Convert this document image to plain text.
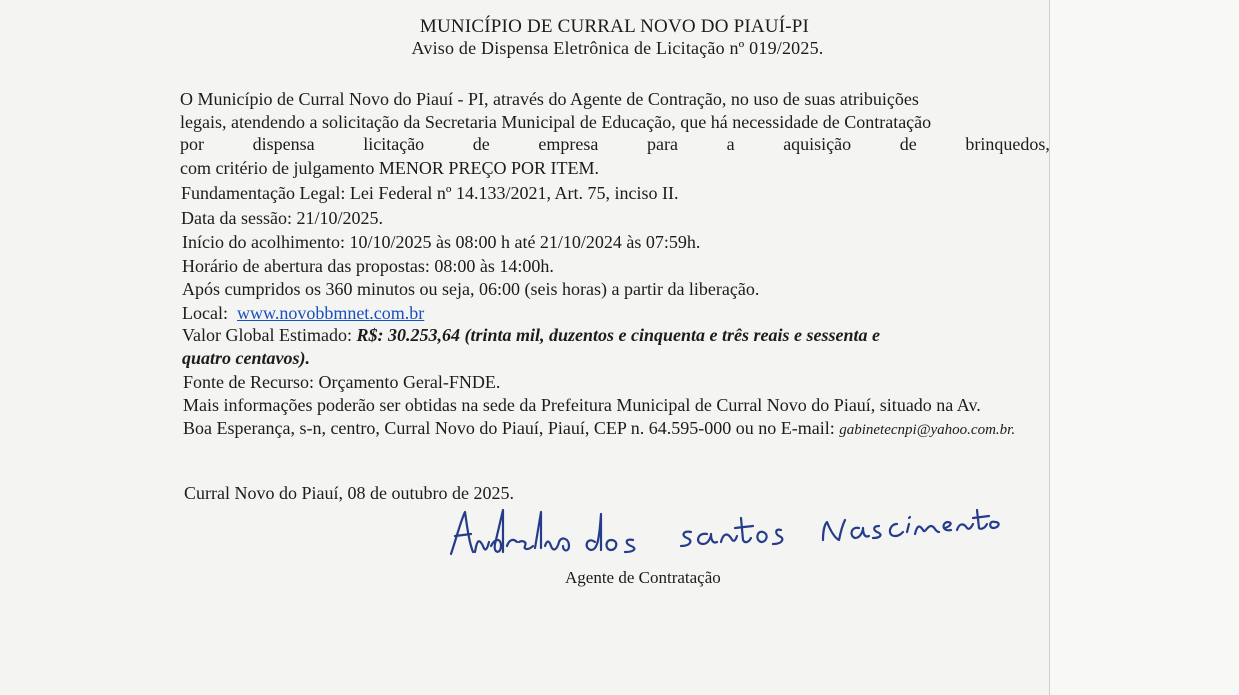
MUNICÍPIO DE CURRAL NOVO DO PIAUÍ-PI
Aviso de Dispensa Eletrônica de Licitação nº 019/2025.
O Município de Curral Novo do Piauí - PI, através do Agente de Contração, no uso de suas atribuições
legais, atendendo a solicitação da Secretaria Municipal de Educação, que há necessidade de Contratação
por	dispensa	licitação	de	empresa	para	a	aquisição	de	brinquedos,
com critério de julgamento MENOR PREÇO POR ITEM.
Fundamentação Legal: Lei Federal nº 14.133/2021, Art. 75, inciso II.
Data da sessão: 21/10/2025.
Início do acolhimento: 10/10/2025 às 08:00 h até 21/10/2024 às 07:59h.
Horário de abertura das propostas: 08:00 às 14:00h.
Após cumpridos os 360 minutos ou seja, 06:00 (seis horas) a partir da liberação.
Local: www.novobbmnet.com.br
Valor Global Estimado: R$: 30.253,64 (trinta mil, duzentos e cinquenta e três reais e sessenta e
quatro centavos).
Fonte de Recurso: Orçamento Geral-FNDE.
Mais informações poderão ser obtidas na sede da Prefeitura Municipal de Curral Novo do Piauí, situado na Av.
Boa Esperança, s-n, centro, Curral Novo do Piauí, Piauí, CEP n. 64.595-000 ou no E-mail: gabinetecnpi@yahoo.com.br.
Curral Novo do Piauí, 08 de outubro de 2025.
Agente de Contratação
